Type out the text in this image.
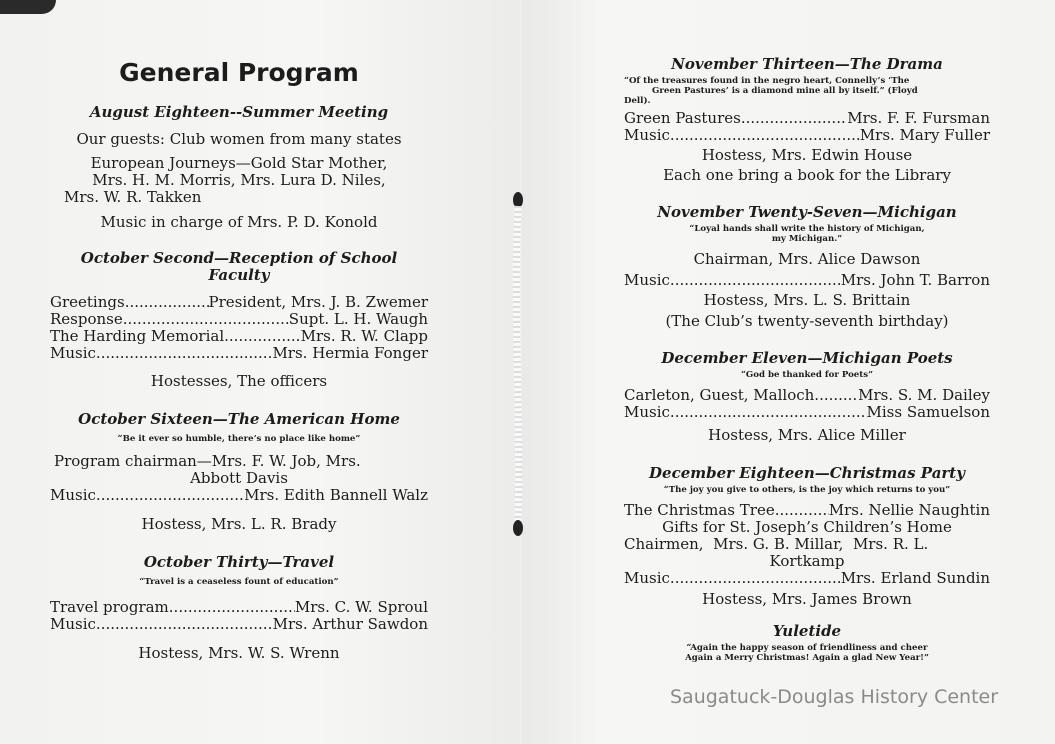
General Program

August Eighteen--Summer Meeting

Our guests: Club women from many states

European Journeys—Gold Star Mother,

Mrs. H. M. Morris, Mrs. Lura D. Niles,

Mrs. W. R. Takken

Music in charge of Mrs. P. D. Konold

October Second—Reception of School

Faculty

Greetings .....	President, Mrs. J. B. Zwemer
Response .....	Supt. L. H. Waugh
The Harding Memorial .....	Mrs. R. W. Clapp
Music .....	Mrs. Hermia Fonger

Hostesses, The officers

October Sixteen—The American Home

“Be it ever so humble, there’s no place like home”

Program chairman—Mrs. F. W. Job, Mrs.

Abbott Davis

Music .....	Mrs. Edith Bannell Walz

Hostess, Mrs. L. R. Brady

October Thirty—Travel

“Travel is a ceaseless fount of education”

Travel program .....	Mrs. C. W. Sproul
Music .....	Mrs. Arthur Sawdon

Hostess, Mrs. W. S. Wrenn

November Thirteen—The Drama

“Of the treasures found in the negro heart, Connelly’s ‘The

Green Pastures’ is a diamond mine all by itself.” (Floyd

Dell).

Green Pastures .....	Mrs. F. F. Fursman
Music .....	Mrs. Mary Fuller

Hostess, Mrs. Edwin House

Each one bring a book for the Library

November Twenty-Seven—Michigan

“Loyal hands shall write the history of Michigan,

my Michigan.”

Chairman, Mrs. Alice Dawson

Music .....	Mrs. John T. Barron

Hostess, Mrs. L. S. Brittain

(The Club’s twenty-seventh birthday)

December Eleven—Michigan Poets

“God be thanked for Poets”

Carleton, Guest, Malloch .....	Mrs. S. M. Dailey
Music .....	Miss Samuelson

Hostess, Mrs. Alice Miller

December Eighteen—Christmas Party

“The joy you give to others, is the joy which returns to you”

The Christmas Tree .....	Mrs. Nellie Naughtin

Gifts for St. Joseph’s Children’s Home

Chairmen,  Mrs. G. B. Millar,  Mrs. R. L.

Kortkamp

Music .....	Mrs. Erland Sundin

Hostess, Mrs. James Brown

Yuletide

“Again the happy season of friendliness and cheer

Again a Merry Christmas! Again a glad New Year!”

Saugatuck-Douglas History Center
